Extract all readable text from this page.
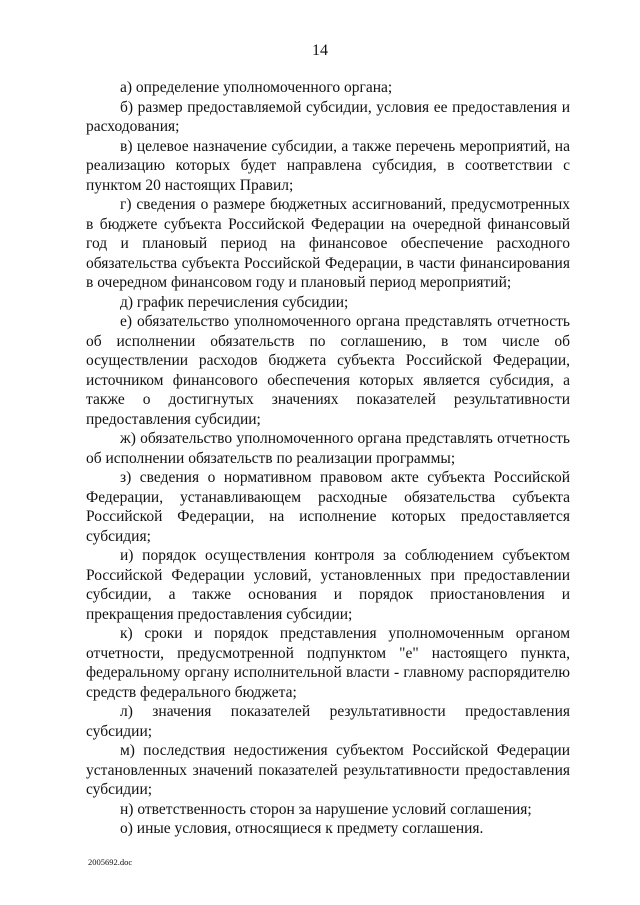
14

а) определение уполномоченного органа;

б) размер предоставляемой субсидии, условия ее предоставления и расходования;

в) целевое назначение субсидии, а также перечень мероприятий, на реализацию которых будет направлена субсидия, в соответствии с пунктом 20 настоящих Правил;

г) сведения о размере бюджетных ассигнований, предусмотренных в бюджете субъекта Российской Федерации на очередной финансовый год и плановый период на финансовое обеспечение расходного обязательства субъекта Российской Федерации, в части финансирования в очередном финансовом году и плановый период мероприятий;

д) график перечисления субсидии;

е) обязательство уполномоченного органа представлять отчетность об исполнении обязательств по соглашению, в том числе об осуществлении расходов бюджета субъекта Российской Федерации, источником финансового обеспечения которых является субсидия, а также о достигнутых значениях показателей результативности предоставления субсидии;

ж) обязательство уполномоченного органа представлять отчетность об исполнении обязательств по реализации программы;

з) сведения о нормативном правовом акте субъекта Российской Федерации, устанавливающем расходные обязательства субъекта Российской Федерации, на исполнение которых предоставляется субсидия;

и) порядок осуществления контроля за соблюдением субъектом Российской Федерации условий, установленных при предоставлении субсидии, а также основания и порядок приостановления и прекращения предоставления субсидии;

к) сроки и порядок представления уполномоченным органом отчетности, предусмотренной подпунктом "е" настоящего пункта, федеральному органу исполнительной власти - главному распорядителю средств федерального бюджета;

л) значения показателей результативности предоставления субсидии;

м) последствия недостижения субъектом Российской Федерации установленных значений показателей результативности предоставления субсидии;

н) ответственность сторон за нарушение условий соглашения;

о) иные условия, относящиеся к предмету соглашения.

2005692.doc
